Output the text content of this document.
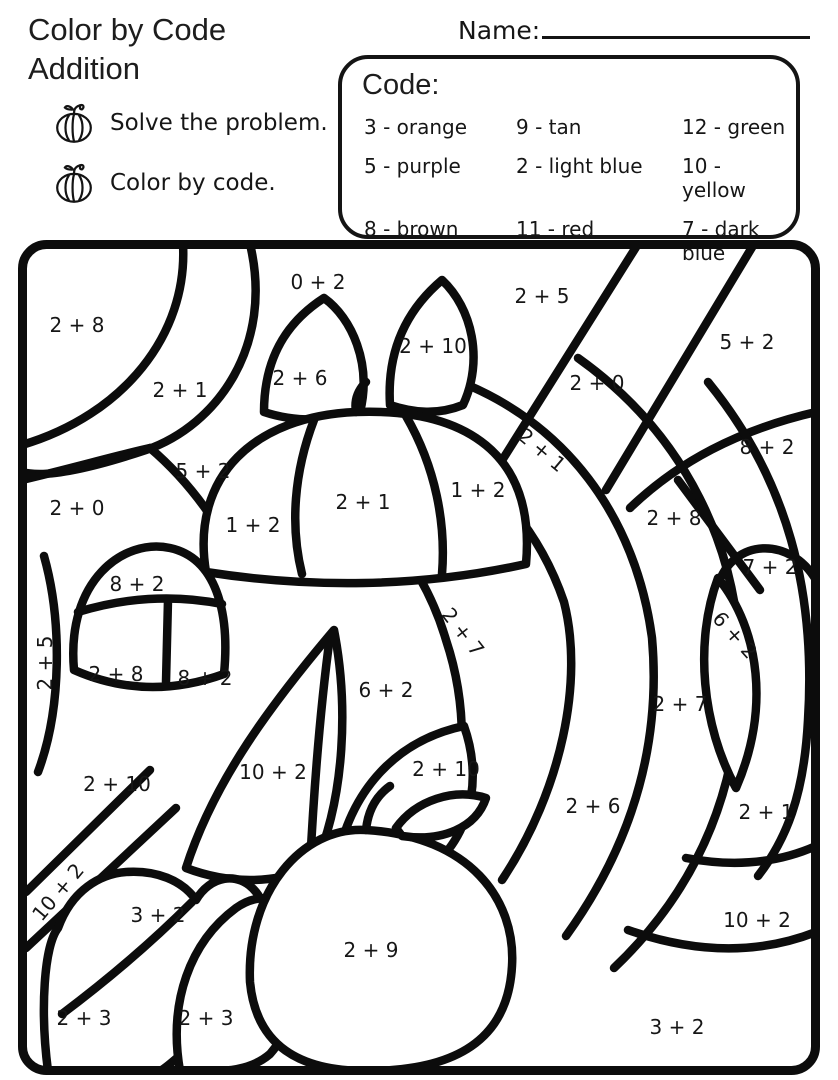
Color by Code
Addition
Name:
Solve the problem.
Color by code.
Code:
3 - orange	9 - tan	12 - green
5 - purple	2 - light blue	10 - yellow
8 - brown	11 - red	7 - dark blue
2 + 8
0 + 2
2 + 6
2 + 10
2 + 5
2 + 1
5 + 2
2 + 0
8 + 2
2 + 1
1 + 2
2 + 1
1 + 2
5 + 2
2 + 0	2 + 8
7 + 2
8 + 2
6 + 2
2 + 7
2 + 5 2 + 8 8 + 2	6 + 2
2 + 7
2 + 10	10 + 2	2 + 10
2 + 6	2 + 1
10 + 2 3 + 2
2 + 9
10 + 2
2 + 3	2 + 3	3 + 2
